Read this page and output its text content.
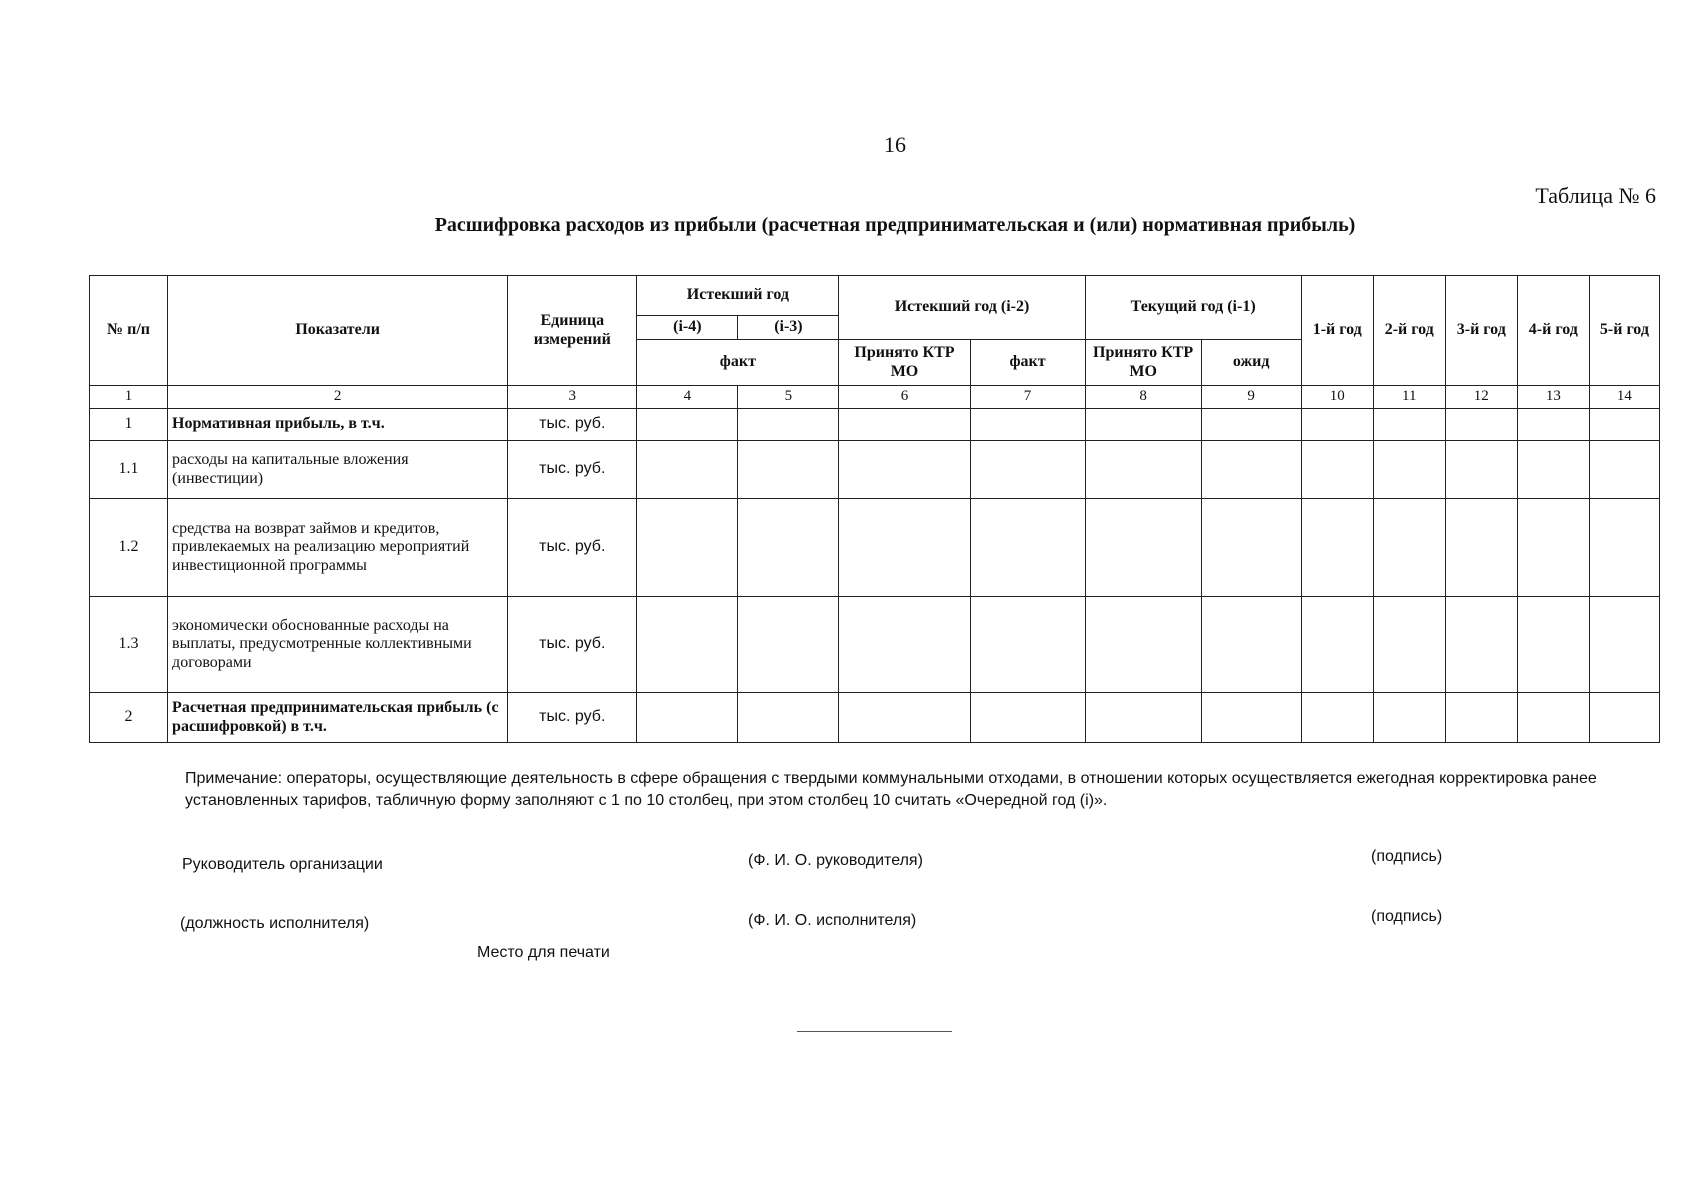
16
Таблица № 6
Расшифровка расходов из прибыли (расчетная предпринимательская и (или) нормативная прибыль)
№ п/п	Показатели	Единица измерений	Истекший год		Истекший год (i-2)		Текущий год (i-1)		1-й год	2-й год	3-й год	4-й год	5-й год
			(i-4)	(i-3)									
			факт		Принято КТР МО	факт	Принято КТР МО	ожид					
1	2	3	4	5	6	7	8	9	10	11	12	13	14
1	Нормативная прибыль, в т.ч.	тыс. руб.											
1.1	расходы на капитальные вложения (инвестиции)	тыс. руб.											
1.2	средства на возврат займов и кредитов, привлекаемых на реализацию мероприятий инвестиционной программы	тыс. руб.											
1.3	экономически обоснованные расходы на выплаты, предусмотренные коллективными договорами	тыс. руб.											
2	Расчетная предпринимательская прибыль (с расшифровкой) в т.ч.	тыс. руб.											
Примечание: операторы, осуществляющие деятельность в сфере обращения с твердыми коммунальными отходами, в отношении которых осуществляется ежегодная корректировка ранее установленных тарифов, табличную форму заполняют с 1 по 10 столбец, при этом столбец 10 считать «Очередной год (i)».
Руководитель организации	(Ф. И. О. руководителя)	(подпись)
(должность исполнителя)	(Ф. И. О. исполнителя)	(подпись)
Место для печати
